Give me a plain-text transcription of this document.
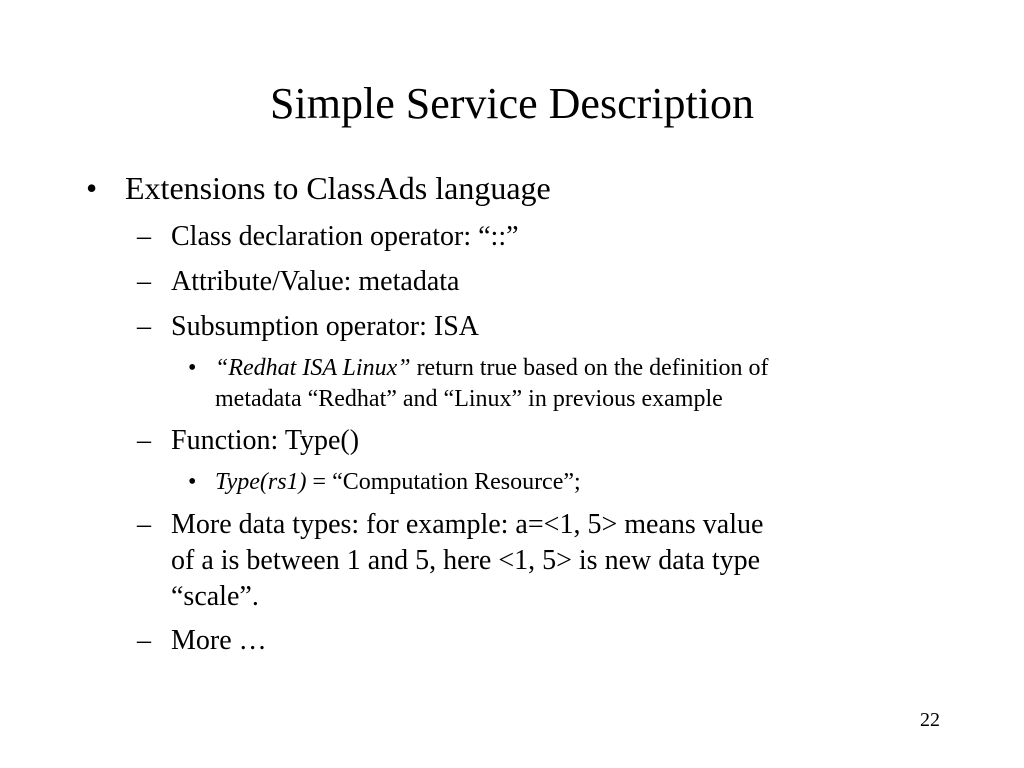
Simple Service Description
• Extensions to ClassAds language
– Class declaration operator: “::”
– Attribute/Value: metadata
– Subsumption operator: ISA
• “Redhat ISA Linux” return true based on the definition of
metadata “Redhat” and “Linux” in previous example
– Function: Type()
• Type(rs1) = “Computation Resource”;
– More data types: for example: a=<1, 5> means value
of a is between 1 and 5, here <1, 5> is new data type
“scale”.
– More …
22
